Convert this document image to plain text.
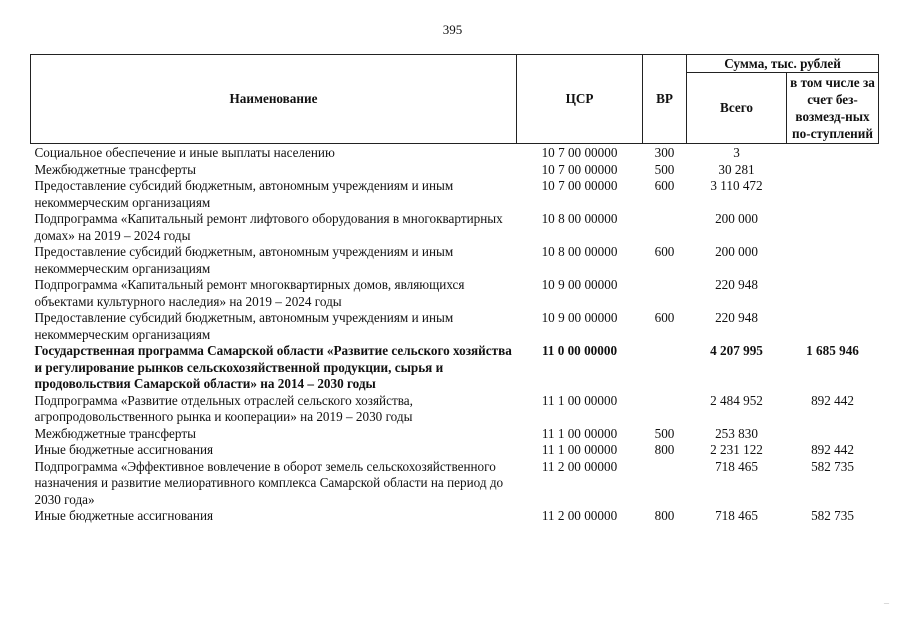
395
Наименование	ЦСР	ВР	Сумма, тыс. рублей	
			Всего	в том числе за счет без-возмезд-ных по-ступлений
Социальное обеспечение и иные выплаты населению	10 7 00 00000	300	3	
Межбюджетные трансферты	10 7 00 00000	500	30 281	
Предоставление субсидий бюджетным, автономным учреждениям и иным некоммерческим организациям	10 7 00 00000	600	3 110 472	
Подпрограмма «Капитальный ремонт лифтового оборудования в многоквартирных домах» на 2019 – 2024 годы	10 8 00 00000		200 000	
Предоставление субсидий бюджетным, автономным учреждениям и иным некоммерческим организациям	10 8 00 00000	600	200 000	
Подпрограмма «Капитальный ремонт многоквартирных домов, являющихся объектами культурного наследия» на 2019 – 2024 годы	10 9 00 00000		220 948	
Предоставление субсидий бюджетным, автономным учреждениям и иным некоммерческим организациям	10 9 00 00000	600	220 948	
Государственная программа Самарской области «Развитие сельского хозяйства и регулирование рынков сельскохозяйственной продукции, сырья и продовольствия Самарской области» на 2014 – 2030 годы	11 0 00 00000		4 207 995	1 685 946
Подпрограмма «Развитие отдельных отраслей сельского хозяйства, агропродовольственного рынка и кооперации» на 2019 – 2030 годы	11 1 00 00000		2 484 952	892 442
Межбюджетные трансферты	11 1 00 00000	500	253 830	
Иные бюджетные ассигнования	11 1 00 00000	800	2 231 122	892 442
Подпрограмма «Эффективное вовлечение в оборот земель сельскохозяйственного назначения и развитие мелиоративного комплекса Самарской области на период до 2030 года»	11 2 00 00000		718 465	582 735
Иные бюджетные ассигнования	11 2 00 00000	800	718 465	582 735
–
